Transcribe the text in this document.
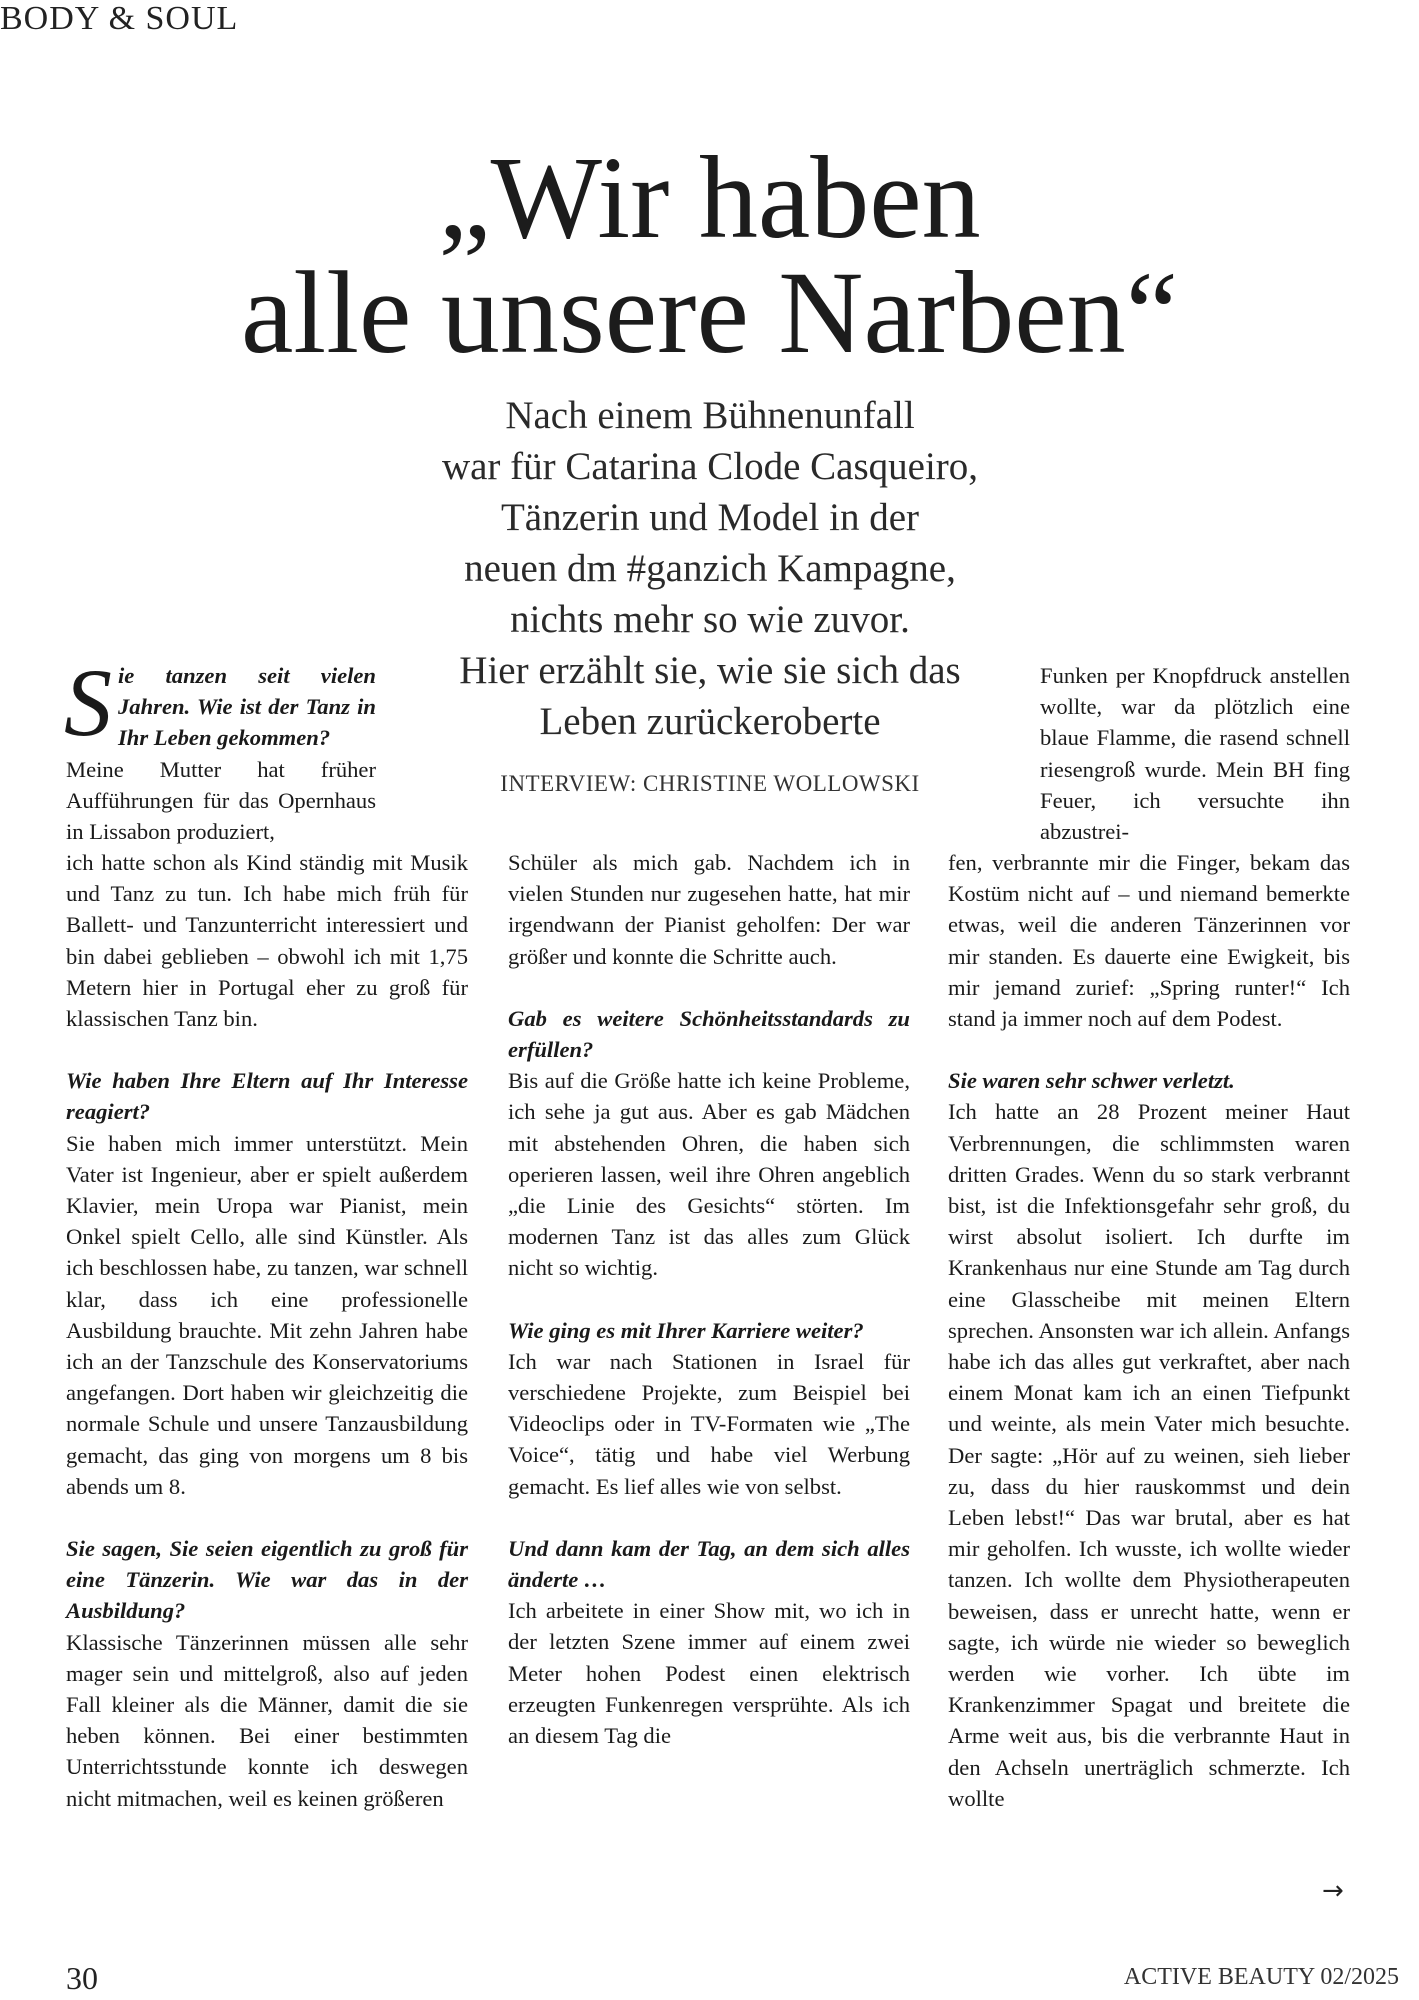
BODY & SOUL
„Wir haben
alle unsere Narben“
Nach einem Bühnenunfall
war für Catarina Clode Casqueiro,
Tänzerin und Model in der
neuen dm #ganzich Kampagne,
nichts mehr so wie zuvor.
Hier erzählt sie, wie sie sich das
Leben zurückeroberte
INTERVIEW: CHRISTINE WOLLOWSKI

Sie tanzen seit vielen Jahren. Wie ist der Tanz in Ihr Leben gekommen?

Meine Mutter hat früher Aufführungen für das Opernhaus in Lissabon produziert,

ich hatte schon als Kind ständig mit Musik und Tanz zu tun. Ich habe mich früh für Ballett- und Tanzunterricht interessiert und bin dabei geblieben – obwohl ich mit 1,75 Metern hier in Portugal eher zu groß für klassischen Tanz bin.

Wie haben Ihre Eltern auf Ihr Interesse reagiert?

Sie haben mich immer unterstützt. Mein Vater ist Ingenieur, aber er spielt außerdem Klavier, mein Uropa war Pianist, mein Onkel spielt Cello, alle sind Künstler. Als ich beschlossen habe, zu tanzen, war schnell klar, dass ich eine professionelle Ausbildung brauchte. Mit zehn Jahren habe ich an der Tanzschule des Konservatoriums angefangen. Dort haben wir gleichzeitig die normale Schule und unsere Tanzausbildung gemacht, das ging von morgens um 8 bis abends um 8.

Sie sagen, Sie seien eigentlich zu groß für eine Tänzerin. Wie war das in der Ausbildung?

Klassische Tänzerinnen müssen alle sehr mager sein und mittelgroß, also auf jeden Fall kleiner als die Männer, damit die sie heben können. Bei einer bestimmten Unterrichtsstunde konnte ich deswegen nicht mitmachen, weil es keinen größeren

Schüler als mich gab. Nachdem ich in vielen Stunden nur zugesehen hatte, hat mir irgendwann der Pianist geholfen: Der war größer und konnte die Schritte auch.

Gab es weitere Schönheitsstandards zu erfüllen?

Bis auf die Größe hatte ich keine Probleme, ich sehe ja gut aus. Aber es gab Mädchen mit abstehenden Ohren, die haben sich operieren lassen, weil ihre Ohren angeblich „die Linie des Gesichts“ störten. Im modernen Tanz ist das alles zum Glück nicht so wichtig.

Wie ging es mit Ihrer Karriere weiter?

Ich war nach Stationen in Israel für verschiedene Projekte, zum Beispiel bei Videoclips oder in TV-Formaten wie „The Voice“, tätig und habe viel Werbung gemacht. Es lief alles wie von selbst.

Und dann kam der Tag, an dem sich alles änderte …

Ich arbeitete in einer Show mit, wo ich in der letzten Szene immer auf einem zwei Meter hohen Podest einen elektrisch erzeugten Funkenregen versprühte. Als ich an diesem Tag die

Funken per Knopfdruck anstellen wollte, war da plötzlich eine blaue Flamme, die rasend schnell riesengroß wurde. Mein BH fing Feuer, ich versuchte ihn abzustrei-

fen, verbrannte mir die Finger, bekam das Kostüm nicht auf – und niemand bemerkte etwas, weil die anderen Tänzerinnen vor mir standen. Es dauerte eine Ewigkeit, bis mir jemand zurief: „Spring runter!“ Ich stand ja immer noch auf dem Podest.

Sie waren sehr schwer verletzt.

Ich hatte an 28 Prozent meiner Haut Verbrennungen, die schlimmsten waren dritten Grades. Wenn du so stark verbrannt bist, ist die Infektionsgefahr sehr groß, du wirst absolut isoliert. Ich durfte im Krankenhaus nur eine Stunde am Tag durch eine Glasscheibe mit meinen Eltern sprechen. Ansonsten war ich allein. Anfangs habe ich das alles gut verkraftet, aber nach einem Monat kam ich an einen Tiefpunkt und weinte, als mein Vater mich besuchte. Der sagte: „Hör auf zu weinen, sieh lieber zu, dass du hier rauskommst und dein Leben lebst!“ Das war brutal, aber es hat mir geholfen. Ich wusste, ich wollte wieder tanzen. Ich wollte dem Physiotherapeuten beweisen, dass er unrecht hatte, wenn er sagte, ich würde nie wieder so beweglich werden wie vorher. Ich übte im Krankenzimmer Spagat und breitete die Arme weit aus, bis die verbrannte Haut in den Achseln unerträglich schmerzte. Ich wollte

→
30	ACTIVE BEAUTY 02/2025
